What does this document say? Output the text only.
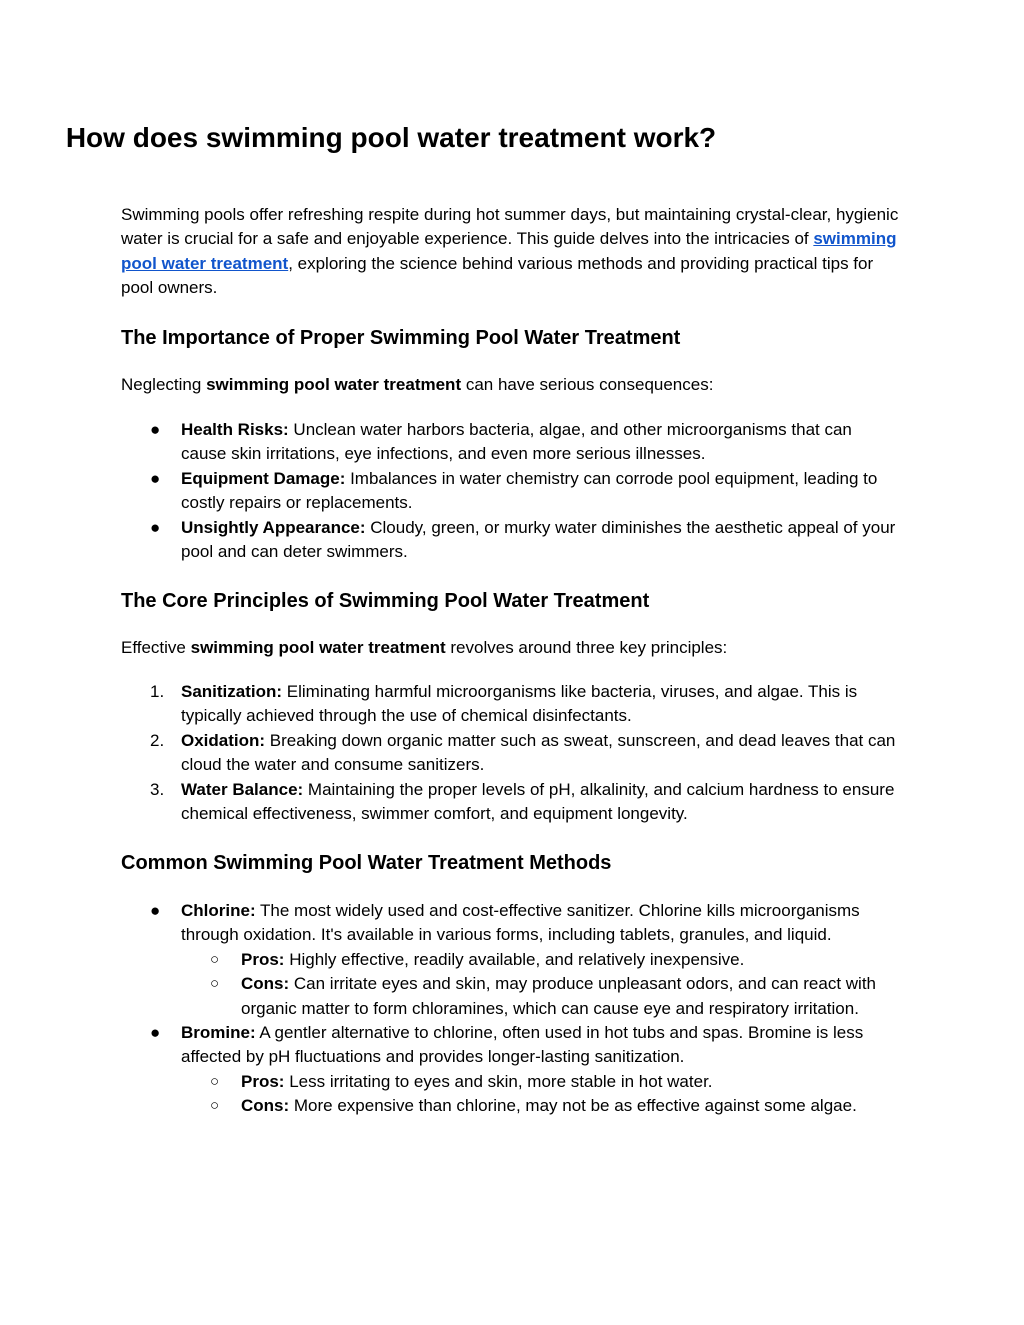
How does swimming pool water treatment work?

Swimming pools offer refreshing respite during hot summer days, but maintaining crystal-clear, hygienic water is crucial for a safe and enjoyable experience. This guide delves into the intricacies of swimming pool water treatment, exploring the science behind various methods and providing practical tips for pool owners.

The Importance of Proper Swimming Pool Water Treatment

Neglecting swimming pool water treatment can have serious consequences:

● Health Risks: Unclean water harbors bacteria, algae, and other microorganisms that can cause skin irritations, eye infections, and even more serious illnesses.
● Equipment Damage: Imbalances in water chemistry can corrode pool equipment, leading to costly repairs or replacements.
● Unsightly Appearance: Cloudy, green, or murky water diminishes the aesthetic appeal of your pool and can deter swimmers.
The Core Principles of Swimming Pool Water Treatment

Effective swimming pool water treatment revolves around three key principles:

1. Sanitization: Eliminating harmful microorganisms like bacteria, viruses, and algae. This is typically achieved through the use of chemical disinfectants.
2. Oxidation: Breaking down organic matter such as sweat, sunscreen, and dead leaves that can cloud the water and consume sanitizers.
3. Water Balance: Maintaining the proper levels of pH, alkalinity, and calcium hardness to ensure chemical effectiveness, swimmer comfort, and equipment longevity.
Common Swimming Pool Water Treatment Methods
● Chlorine: The most widely used and cost-effective sanitizer. Chlorine kills microorganisms through oxidation. It's available in various forms, including tablets, granules, and liquid.
○ Pros: Highly effective, readily available, and relatively inexpensive.
○ Cons: Can irritate eyes and skin, may produce unpleasant odors, and can react with organic matter to form chloramines, which can cause eye and respiratory irritation.
● Bromine: A gentler alternative to chlorine, often used in hot tubs and spas. Bromine is less affected by pH fluctuations and provides longer-lasting sanitization.
○ Pros: Less irritating to eyes and skin, more stable in hot water.
○ Cons: More expensive than chlorine, may not be as effective against some algae.
